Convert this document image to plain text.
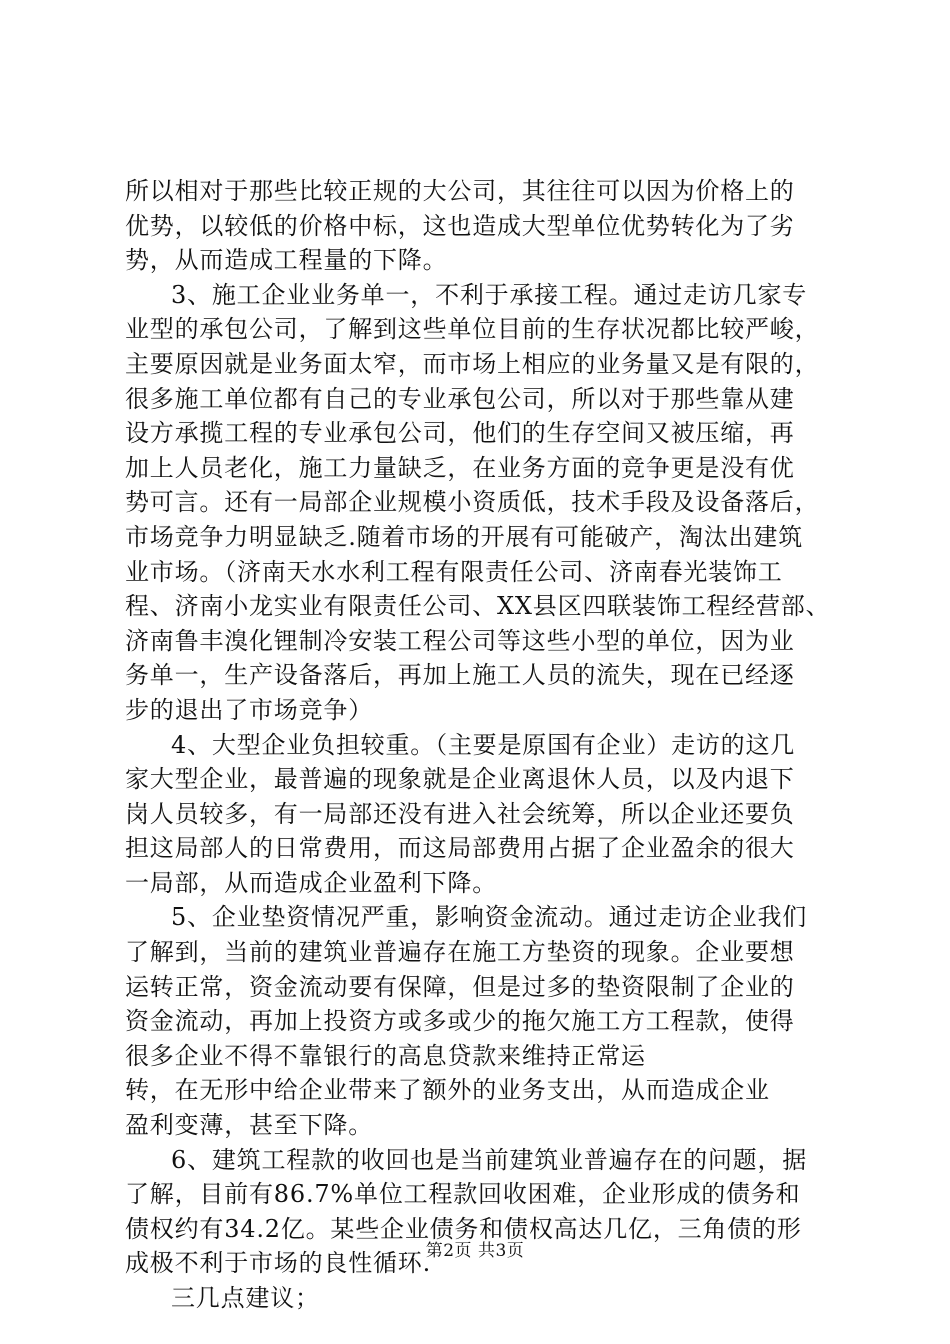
所以相对于那些比较正规的大公司，其往往可以因为价格上的
优势，以较低的价格中标，这也造成大型单位优势转化为了劣
势，从而造成工程量的下降。
3、施工企业业务单一，不利于承接工程。通过走访几家专
业型的承包公司，了解到这些单位目前的生存状况都比较严峻，
主要原因就是业务面太窄，而市场上相应的业务量又是有限的，
很多施工单位都有自己的专业承包公司，所以对于那些靠从建
设方承揽工程的专业承包公司，他们的生存空间又被压缩，再
加上人员老化，施工力量缺乏，在业务方面的竞争更是没有优
势可言。还有一局部企业规模小资质低，技术手段及设备落后，
市场竞争力明显缺乏.随着市场的开展有可能破产，淘汰出建筑
业市场。（济南天水水利工程有限责任公司、济南春光装饰工
程、济南小龙实业有限责任公司、XX县区四联装饰工程经营部、
济南鲁丰溴化锂制冷安装工程公司等这些小型的单位，因为业
务单一，生产设备落后，再加上施工人员的流失，现在已经逐
步的退出了市场竞争）
4、大型企业负担较重。（主要是原国有企业）走访的这几
家大型企业，最普遍的现象就是企业离退休人员，以及内退下
岗人员较多，有一局部还没有进入社会统筹，所以企业还要负
担这局部人的日常费用，而这局部费用占据了企业盈余的很大
一局部，从而造成企业盈利下降。
5、企业垫资情况严重，影响资金流动。通过走访企业我们
了解到，当前的建筑业普遍存在施工方垫资的现象。企业要想
运转正常，资金流动要有保障，但是过多的垫资限制了企业的
资金流动，再加上投资方或多或少的拖欠施工方工程款，使得
很多企业不得不靠银行的高息贷款来维持正常运
转，在无形中给企业带来了额外的业务支出，从而造成企业
盈利变薄，甚至下降。
6、建筑工程款的收回也是当前建筑业普遍存在的问题，据
了解，目前有86.7%单位工程款回收困难，企业形成的债务和
债权约有34.2亿。某些企业债务和债权高达几亿，三角债的形
成极不利于市场的良性循环.
三几点建议；
第2页 共3页
